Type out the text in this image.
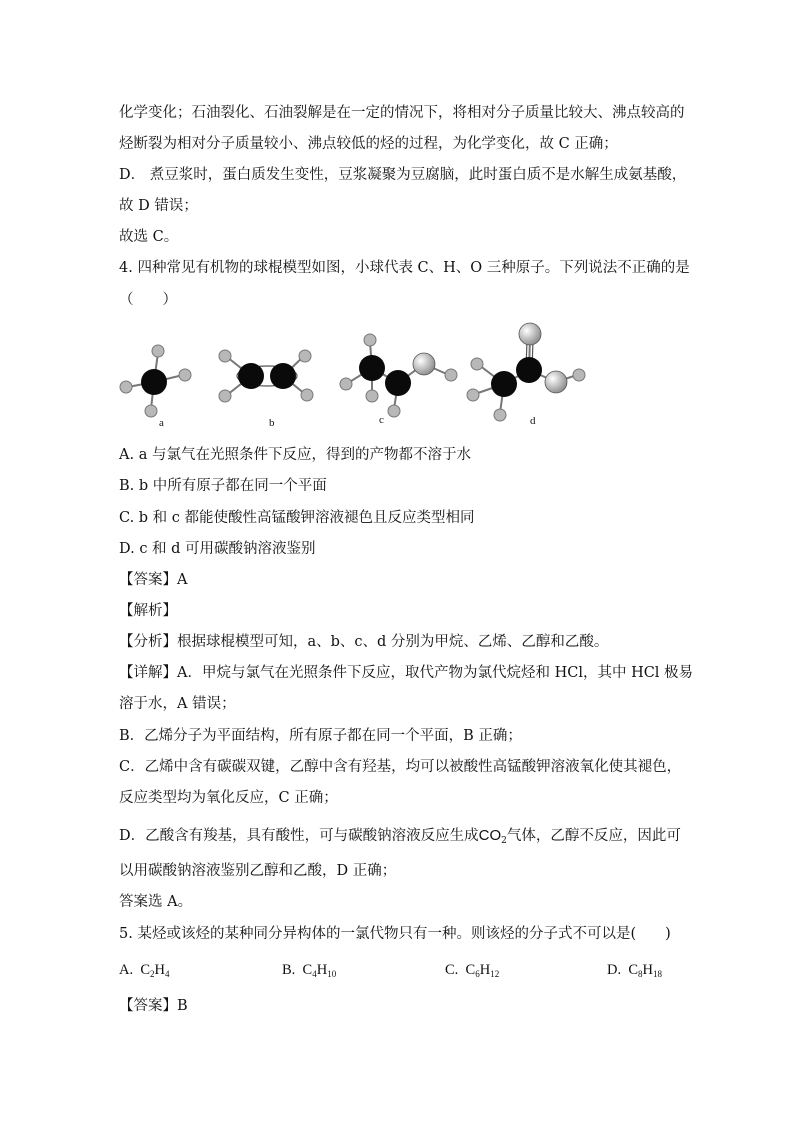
化学变化；石油裂化、石油裂解是在一定的情况下，将相对分子质量比较大、沸点较高的
烃断裂为相对分子质量较小、沸点较低的烃的过程，为化学变化，故 C 正确；
D． 煮豆浆时，蛋白质发生变性，豆浆凝聚为豆腐脑，此时蛋白质不是水解生成氨基酸，
故 D 错误；
故选 C。
4. 四种常见有机物的球棍模型如图，小球代表 C、H、O 三种原子。下列说法不正确的是
（　　）
a	b	c	d
A. a 与氯气在光照条件下反应，得到的产物都不溶于水
B. b 中所有原子都在同一个平面
C. b 和 c 都能使酸性高锰酸钾溶液褪色且反应类型相同
D. c 和 d 可用碳酸钠溶液鉴别
【答案】A
【解析】
【分析】根据球棍模型可知，a、b、c、d 分别为甲烷、乙烯、乙醇和乙酸。
【详解】A．甲烷与氯气在光照条件下反应，取代产物为氯代烷烃和 HCl，其中 HCl 极易
溶于水，A 错误；
B．乙烯分子为平面结构，所有原子都在同一个平面，B 正确；
C．乙烯中含有碳碳双键，乙醇中含有羟基，均可以被酸性高锰酸钾溶液氧化使其褪色，
反应类型均为氧化反应，C 正确；
D．乙酸含有羧基，具有酸性，可与碳酸钠溶液反应生成$CO_2$气体，乙醇不反应，因此可
以用碳酸钠溶液鉴别乙醇和乙酸，D 正确；
答案选 A。
5. 某烃或该烃的某种同分异构体的一氯代物只有一种。则该烃的分子式不可以是(　　)
A. $C_2H_4$	B. $C_4H_{10}$	C. $C_6H_{12}$	D. $C_8H_{18}$
【答案】B
